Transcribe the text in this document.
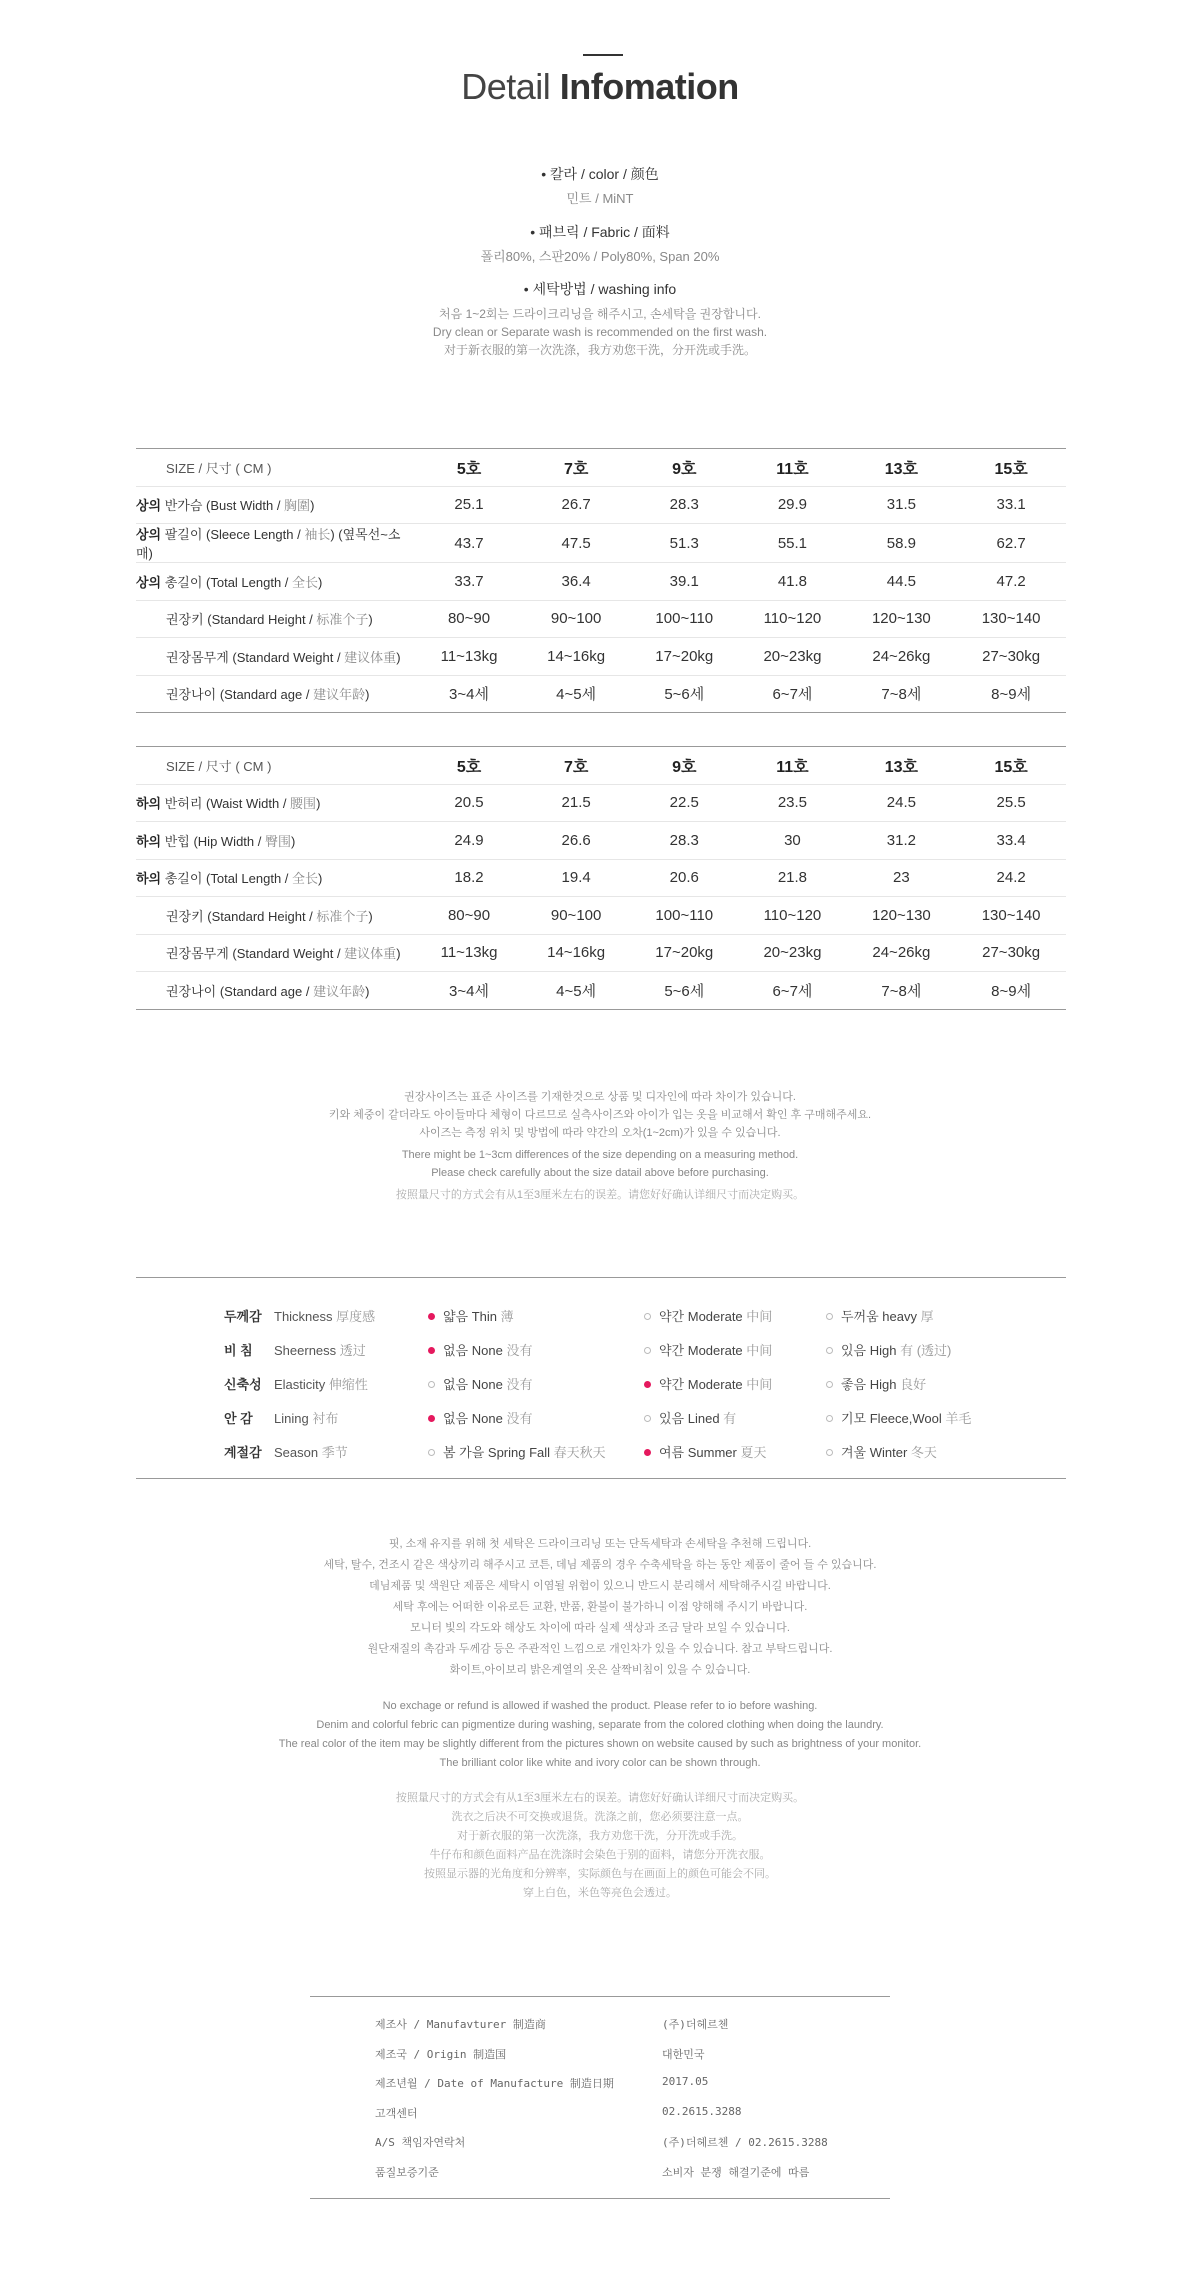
Detail Infomation
• 칼라 / color / 颜色
민트 / MiNT
• 패브릭 / Fabric / 面料
폴리80%, 스판20% / Poly80%, Span 20%
• 세탁방법 / washing info
처음 1~2회는 드라이크리닝을 해주시고, 손세탁을 권장합니다.
Dry clean or Separate wash is recommended on the first wash.
对于新衣服的第一次洗涤，我方劝您干洗，分开洗或手洗。
SIZE / 尺寸 ( CM )	5호	7호	9호	11호	13호	15호
상의 반가슴 (Bust Width / 胸圍)	25.1	26.7	28.3	29.9	31.5	33.1
상의 팔길이 (Sleece Length / 袖长) (옆목선~소매)	43.7	47.5	51.3	55.1	58.9	62.7
상의 총길이 (Total Length / 全长)	33.7	36.4	39.1	41.8	44.5	47.2
권장키 (Standard Height / 标准个子)	80~90	90~100	100~110	110~120	120~130	130~140
권장몸무게 (Standard Weight / 建议体重)	11~13kg	14~16kg	17~20kg	20~23kg	24~26kg	27~30kg
권장나이 (Standard age / 建议年龄)	3~4세	4~5세	5~6세	6~7세	7~8세	8~9세
SIZE / 尺寸 ( CM )	5호	7호	9호	11호	13호	15호
하의 반허리 (Waist Width / 腰围)	20.5	21.5	22.5	23.5	24.5	25.5
하의 반힙 (Hip Width / 臀围)	24.9	26.6	28.3	30	31.2	33.4
하의 총길이 (Total Length / 全长)	18.2	19.4	20.6	21.8	23	24.2
권장키 (Standard Height / 标准个子)	80~90	90~100	100~110	110~120	120~130	130~140
권장몸무게 (Standard Weight / 建议体重)	11~13kg	14~16kg	17~20kg	20~23kg	24~26kg	27~30kg
권장나이 (Standard age / 建议年龄)	3~4세	4~5세	5~6세	6~7세	7~8세	8~9세
권장사이즈는 표준 사이즈를 기재한것으로 상품 및 디자인에 따라 차이가 있습니다.
키와 체중이 같더라도 아이들마다 체형이 다르므로 실측사이즈와 아이가 입는 옷을 비교해서 확인 후 구매해주세요.
사이즈는 측정 위치 및 방법에 따라 약간의 오차(1~2cm)가 있을 수 있습니다.
There might be 1~3cm differences of the size depending on a measuring method.
Please check carefully about the size datail above before purchasing.
按照量尺寸的方式会有从1至3厘米左右的误差。请您好好确认详细尺寸而决定购买。
두께감 Thickness 厚度感	얇음 Thin 薄	약간 Moderate 中间	두꺼움 heavy 厚
비 침 Sheerness 透过	없음 None 没有	약간 Moderate 中间	있음 High 有 (透过)
신축성 Elasticity 伸缩性	없음 None 没有	약간 Moderate 中间	좋음 High 良好
안 감 Lining 衬布	없음 None 没有	있음 Lined 有	기모 Fleece,Wool 羊毛
계절감 Season 季节	봄 가을 Spring Fall 春天秋天	여름 Summer 夏天	겨울 Winter 冬天
핏, 소재 유지를 위해 첫 세탁은 드라이크리닝 또는 단독세탁과 손세탁을 추천해 드립니다.
세탁, 탈수, 건조시 같은 색상끼리 해주시고 코튼, 데님 제품의 경우 수축세탁을 하는 동안 제품이 줄어 들 수 있습니다.
데님제품 및 색원단 제품은 세탁시 이염될 위험이 있으니 반드시 분리해서 세탁해주시길 바랍니다.
세탁 후에는 어떠한 이유로든 교환, 반품, 환불이 불가하니 이점 양해해 주시기 바랍니다.
모니터 빛의 각도와 해상도 차이에 따라 실제 색상과 조금 달라 보일 수 있습니다.
원단재질의 촉감과 두께감 등은 주관적인 느낌으로 개인차가 있을 수 있습니다. 참고 부탁드립니다.
화이트,아이보리 밝은계열의 옷은 살짝비침이 있을 수 있습니다.
No exchage or refund is allowed if washed the product. Please refer to io before washing.
Denim and colorful febric can pigmentize during washing, separate from the colored clothing when doing the laundry.
The real color of the item may be slightly different from the pictures shown on website caused by such as brightness of your monitor.
The brilliant color like white and ivory color can be shown through.
按照量尺寸的方式会有从1至3厘米左右的误差。请您好好确认详细尺寸而决定购买。
洗衣之后决不可交换或退货。洗涤之前，您必须要注意一点。
对于新衣服的第一次洗涤，我方劝您干洗，分开洗或手洗。
牛仔布和颜色面料产品在洗涤时会染色于别的面料，请您分开洗衣服。
按照显示器的光角度和分辨率，实际颜色与在画面上的颜色可能会不同。
穿上白色，米色等亮色会透过。
제조사 / Manufavturer 制造商	(주)더헤르첸
제조국 / Origin 制造国	대한민국
제조년월 / Date of Manufacture 制造日期	2017.05
고객센터	02.2615.3288
A/S 책임자연락처	(주)더헤르첸 / 02.2615.3288
품질보증기준	소비자 분쟁 해결기준에 따름
